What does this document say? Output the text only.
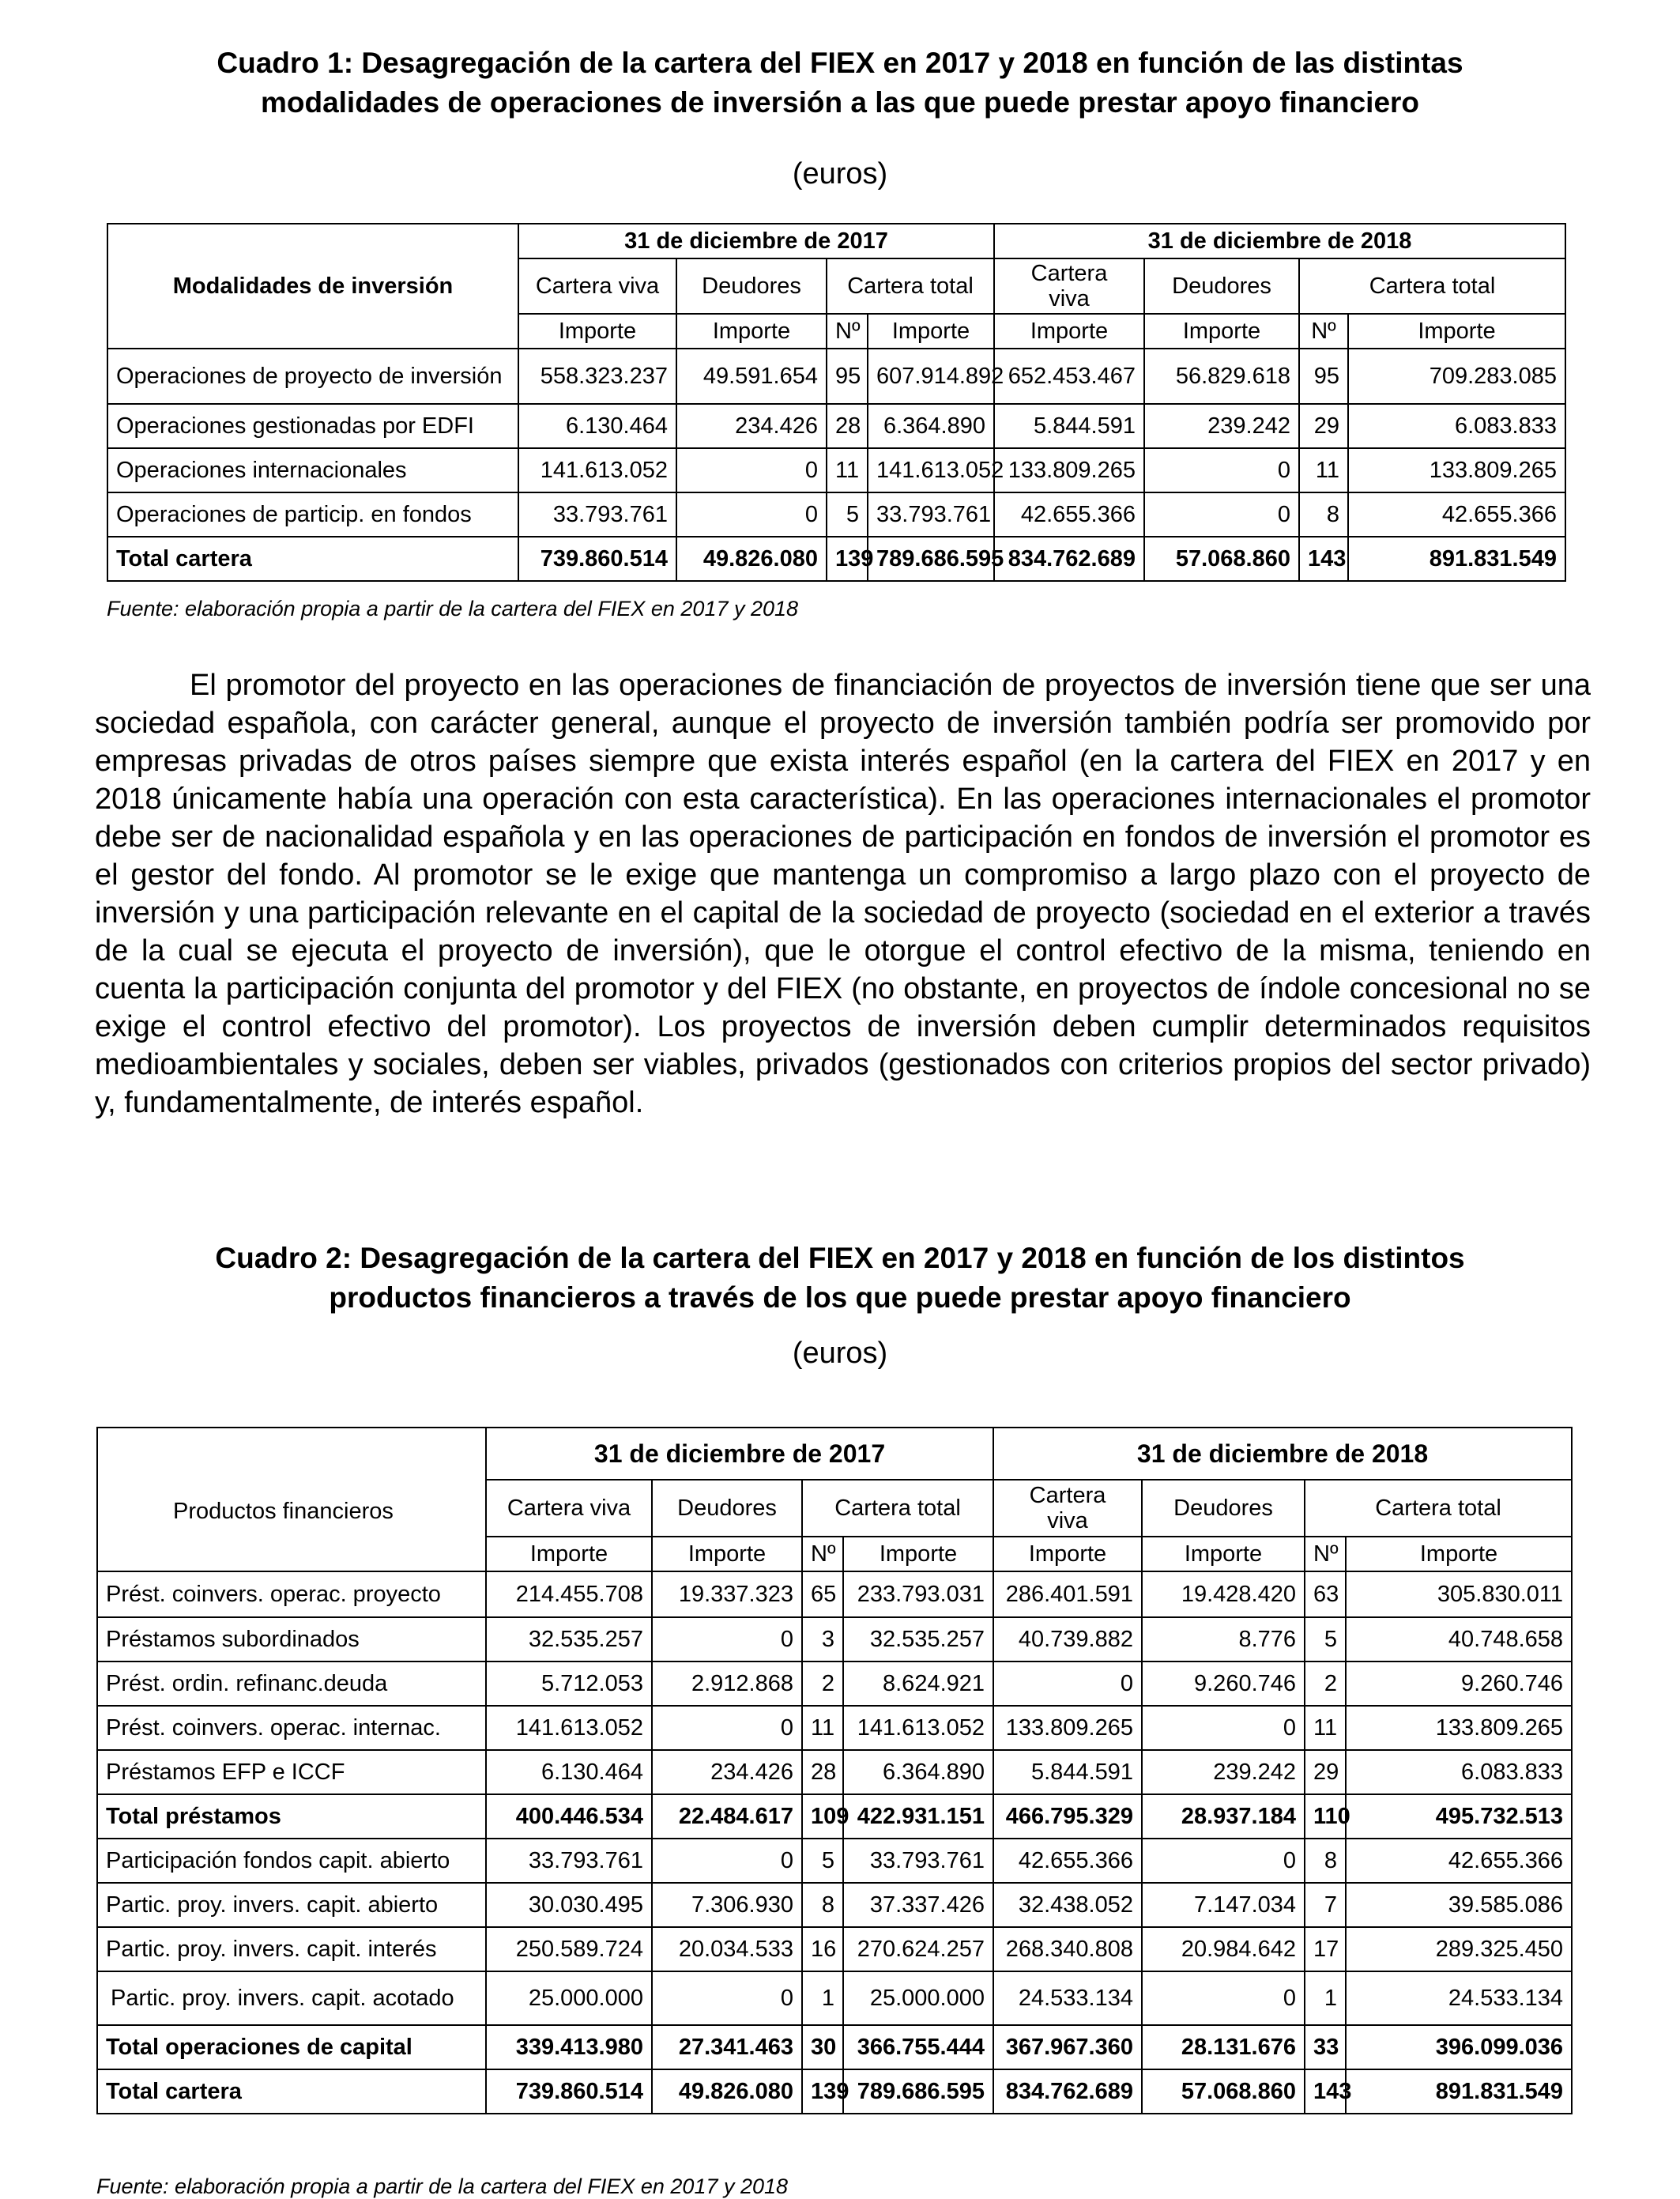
Cuadro 1: Desagregación de la cartera del FIEX en 2017 y 2018 en función de las distintas
modalidades de operaciones de inversión a las que puede prestar apoyo financiero
(euros)
Modalidades de inversión	31 de diciembre de 2017				31 de diciembre de 2018			
	Cartera viva	Deudores	Cartera total		Cartera viva	Deudores	Cartera total	
	Importe	Importe	Nº	Importe	Importe	Importe	Nº	Importe
Operaciones de proyecto de inversión	558.323.237	49.591.654	95	607.914.892	652.453.467	56.829.618	95	709.283.085
Operaciones gestionadas por EDFI	6.130.464	234.426	28	6.364.890	5.844.591	239.242	29	6.083.833
Operaciones internacionales	141.613.052	0	11	141.613.052	133.809.265	0	11	133.809.265
Operaciones de particip. en fondos	33.793.761	0	5	33.793.761	42.655.366	0	8	42.655.366
Total cartera	739.860.514	49.826.080	139	789.686.595	834.762.689	57.068.860	143	891.831.549
Fuente: elaboración propia a partir de la cartera del FIEX en 2017 y 2018

El promotor del proyecto en las operaciones de financiación de proyectos de inversión tiene que ser una sociedad española, con carácter general, aunque el proyecto de inversión también podría ser promovido por empresas privadas de otros países siempre que exista interés español (en la cartera del FIEX en 2017 y en 2018 únicamente había una operación con esta característica). En las operaciones internacionales el promotor debe ser de nacionalidad española y en las operaciones de participación en fondos de inversión el promotor es el gestor del fondo. Al promotor se le exige que mantenga un compromiso a largo plazo con el proyecto de inversión y una participación relevante en el capital de la sociedad de proyecto (sociedad en el exterior a través de la cual se ejecuta el proyecto de inversión), que le otorgue el control efectivo de la misma, teniendo en cuenta la participación conjunta del promotor y del FIEX (no obstante, en proyectos de índole concesional no se exige el control efectivo del promotor). Los proyectos de inversión deben cumplir determinados requisitos medioambientales y sociales, deben ser viables, privados (gestionados con criterios propios del sector privado) y, fundamentalmente, de interés español.

Cuadro 2: Desagregación de la cartera del FIEX en 2017 y 2018 en función de los distintos
productos financieros a través de los que puede prestar apoyo financiero
(euros)
Productos financieros	31 de diciembre de 2017				31 de diciembre de 2018			
	Cartera viva	Deudores	Cartera total		Cartera viva	Deudores	Cartera total	
	Importe	Importe	Nº	Importe	Importe	Importe	Nº	Importe
Prést. coinvers. operac. proyecto	214.455.708	19.337.323	65	233.793.031	286.401.591	19.428.420	63	305.830.011
Préstamos subordinados	32.535.257	0	3	32.535.257	40.739.882	8.776	5	40.748.658
Prést. ordin. refinanc.deuda	5.712.053	2.912.868	2	8.624.921	0	9.260.746	2	9.260.746
Prést. coinvers. operac. internac.	141.613.052	0	11	141.613.052	133.809.265	0	11	133.809.265
Préstamos EFP e ICCF	6.130.464	234.426	28	6.364.890	5.844.591	239.242	29	6.083.833
Total préstamos	400.446.534	22.484.617	109	422.931.151	466.795.329	28.937.184	110	495.732.513
Participación fondos capit. abierto	33.793.761	0	5	33.793.761	42.655.366	0	8	42.655.366
Partic. proy. invers. capit. abierto	30.030.495	7.306.930	8	37.337.426	32.438.052	7.147.034	7	39.585.086
Partic. proy. invers. capit. interés	250.589.724	20.034.533	16	270.624.257	268.340.808	20.984.642	17	289.325.450
Partic. proy. invers. capit. acotado	25.000.000	0	1	25.000.000	24.533.134	0	1	24.533.134
Total operaciones de capital	339.413.980	27.341.463	30	366.755.444	367.967.360	28.131.676	33	396.099.036
Total cartera	739.860.514	49.826.080	139	789.686.595	834.762.689	57.068.860	143	891.831.549
Fuente: elaboración propia a partir de la cartera del FIEX en 2017 y 2018
